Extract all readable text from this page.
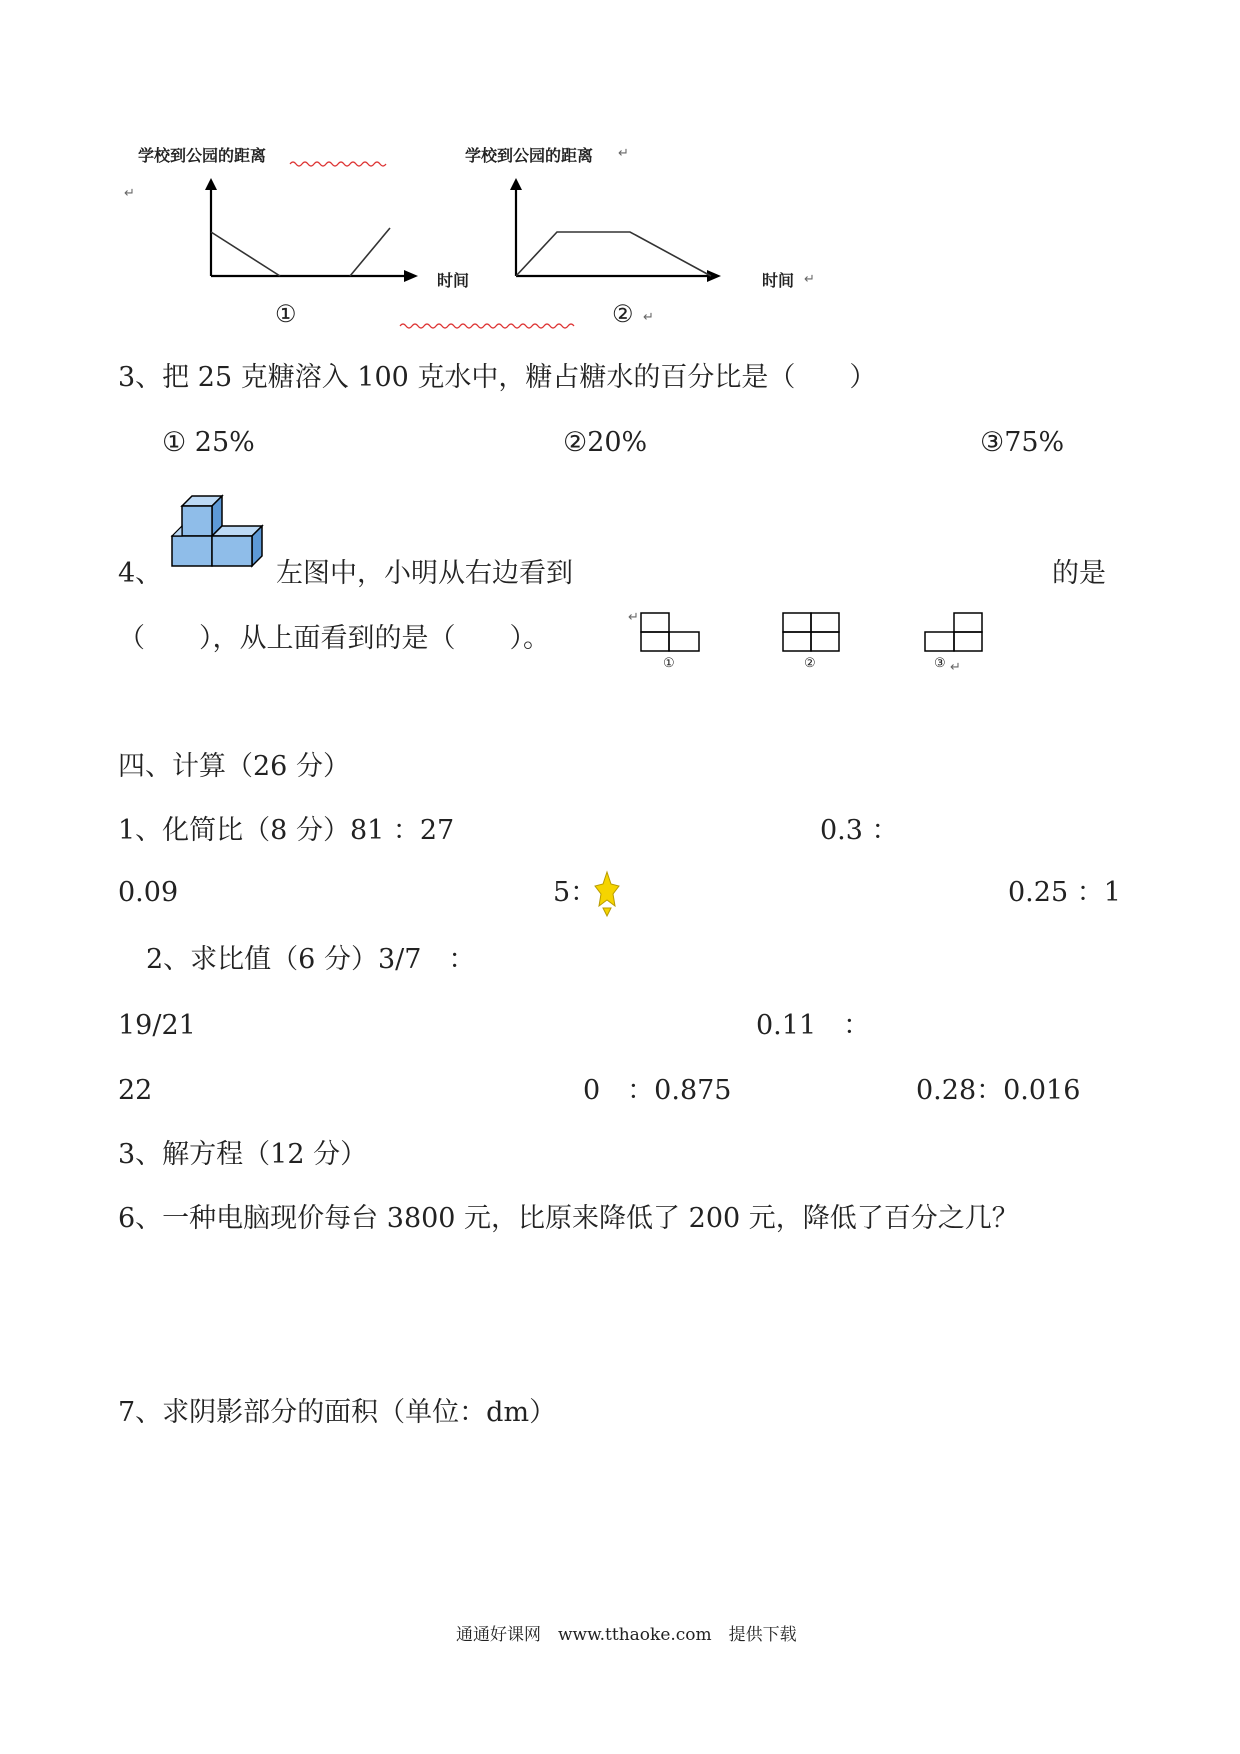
学校到公园的距离
↵
时间
①
学校到公园的距离 ↵
时间 ↵
② ↵
3、把 25 克糖溶入 100 克水中，糖占糖水的百分比是（　　）
① 25%	②20%	③75%
4、	左图中，小明从右边看到	的是
（　　），从上面看到的是（　　）。
↵
①	②	③ ↵
四、计算（26 分）
1、化简比（8 分）81 ：27	0.3 ：
0.09	5：	0.25 ：1
2、求比值（6 分）3/7　：
19/21	0.11　：
22	0　：0.875	0.28：0.016
3、解方程（12 分）
6、一种电脑现价每台 3800 元，比原来降低了 200 元，降低了百分之几？
7、求阴影部分的面积（单位：dm）
通通好课网　www.tthaoke.com　提供下载
